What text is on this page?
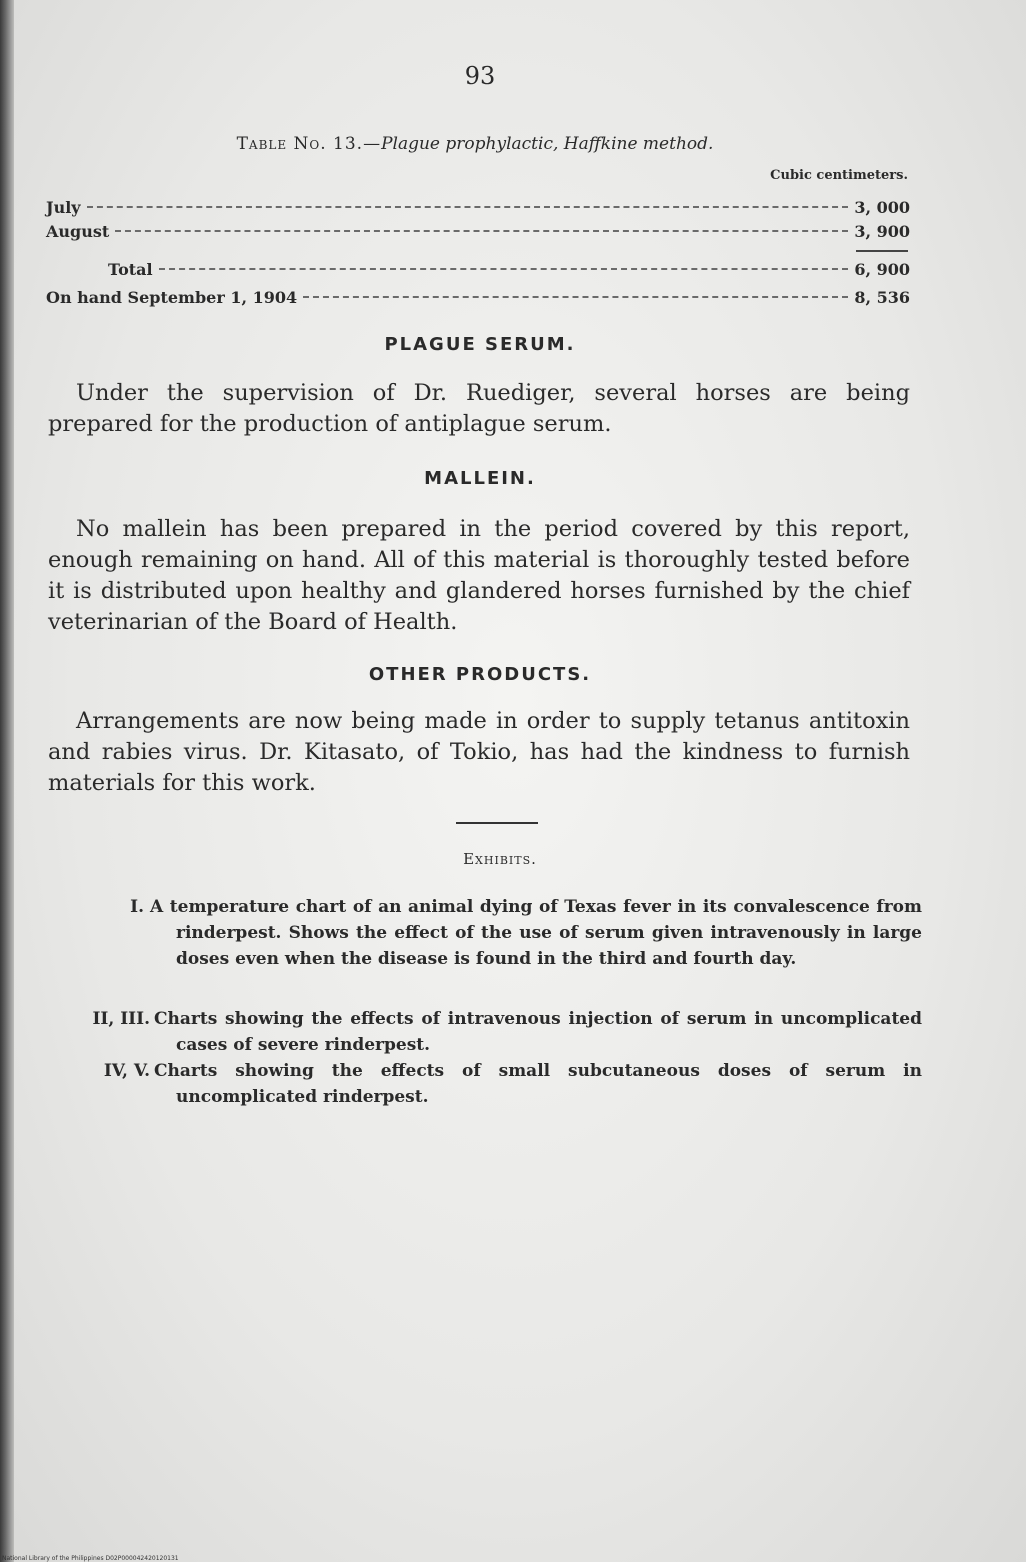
93
Table No. 13.—Plague prophylactic, Haffkine method.
Cubic centimeters.
July	3, 000
August	3, 900
Total	6, 900
On hand September 1, 1904	8, 536
PLAGUE SERUM.

Under the supervision of Dr. Ruediger, several horses are being prepared for the production of antiplague serum.

MALLEIN.

No mallein has been prepared in the period covered by this report, enough remaining on hand. All of this material is thoroughly tested before it is distributed upon healthy and glandered horses furnished by the chief veterinarian of the Board of Health.

OTHER PRODUCTS.

Arrangements are now being made in order to supply tetanus antitoxin and rabies virus. Dr. Kitasato, of Tokio, has had the kindness to furnish materials for this work.

Exhibits.
I. A temperature chart of an animal dying of Texas fever in its convalescence from rinderpest. Shows the effect of the use of serum given intravenously in large doses even when the disease is found in the third and fourth day.
II, III. Charts showing the effects of intravenous injection of serum in uncomplicated cases of severe rinderpest.
IV, V. Charts showing the effects of small subcutaneous doses of serum in uncomplicated rinderpest.
National Library of the Philippines D02P000042420120131
